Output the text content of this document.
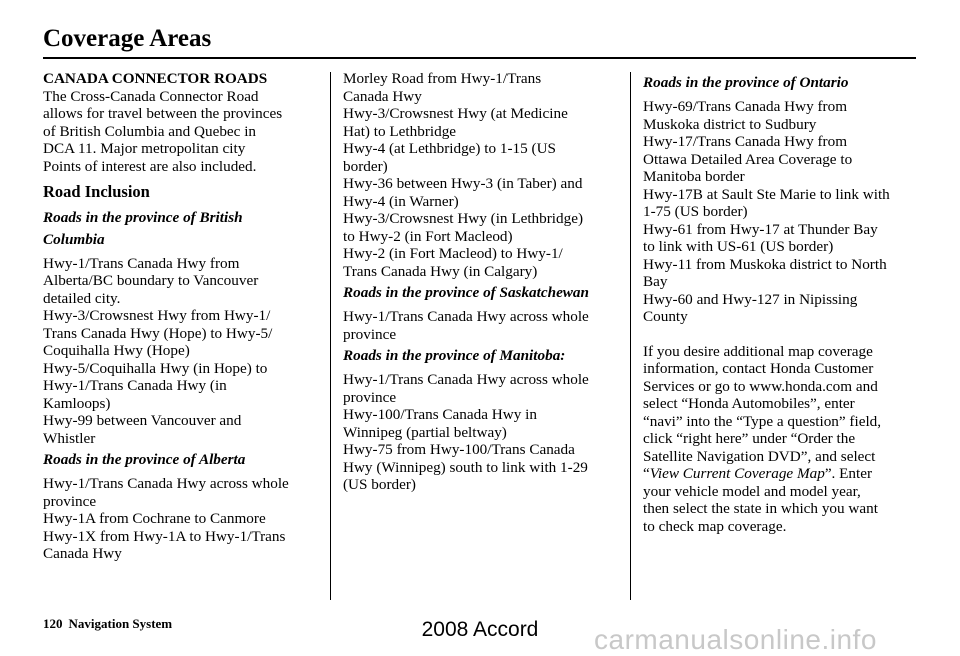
Coverage Areas
CANADA CONNECTOR ROADS
The Cross-Canada Connector Road
allows for travel between the provinces
of British Columbia and Quebec in
DCA 11. Major metropolitan city
Points of interest are also included.
Road Inclusion
Roads in the province of British
Columbia
Hwy-1/Trans Canada Hwy from
Alberta/BC boundary to Vancouver
detailed city.
Hwy-3/Crowsnest Hwy from Hwy-1/
Trans Canada Hwy (Hope) to Hwy-5/
Coquihalla Hwy (Hope)
Hwy-5/Coquihalla Hwy (in Hope) to
Hwy-1/Trans Canada Hwy (in
Kamloops)
Hwy-99 between Vancouver and
Whistler
Roads in the province of Alberta
Hwy-1/Trans Canada Hwy across whole
province
Hwy-1A from Cochrane to Canmore
Hwy-1X from Hwy-1A to Hwy-1/Trans
Canada Hwy
Morley Road from Hwy-1/Trans
Canada Hwy
Hwy-3/Crowsnest Hwy (at Medicine
Hat) to Lethbridge
Hwy-4 (at Lethbridge) to 1-15 (US
border)
Hwy-36 between Hwy-3 (in Taber) and
Hwy-4 (in Warner)
Hwy-3/Crowsnest Hwy (in Lethbridge)
to Hwy-2 (in Fort Macleod)
Hwy-2 (in Fort Macleod) to Hwy-1/
Trans Canada Hwy (in Calgary)
Roads in the province of Saskatchewan
Hwy-1/Trans Canada Hwy across whole
province
Roads in the province of Manitoba:
Hwy-1/Trans Canada Hwy across whole
province
Hwy-100/Trans Canada Hwy in
Winnipeg (partial beltway)
Hwy-75 from Hwy-100/Trans Canada
Hwy (Winnipeg) south to link with 1-29
(US border)
Roads in the province of Ontario
Hwy-69/Trans Canada Hwy from
Muskoka district to Sudbury
Hwy-17/Trans Canada Hwy from
Ottawa Detailed Area Coverage to
Manitoba border
Hwy-17B at Sault Ste Marie to link with
1-75 (US border)
Hwy-61 from Hwy-17 at Thunder Bay
to link with US-61 (US border)
Hwy-11 from Muskoka district to North
Bay
Hwy-60 and Hwy-127 in Nipissing
County
If you desire additional map coverage
information, contact Honda Customer
Services or go to www.honda.com and
select “Honda Automobiles”, enter
“navi” into the “Type a question” field,
click “right here” under “Order the
Satellite Navigation DVD”, and select
“View Current Coverage Map”. Enter
your vehicle model and model year,
then select the state in which you want
to check map coverage.
120 Navigation System	2008 Accord	carmanualsonline.info
